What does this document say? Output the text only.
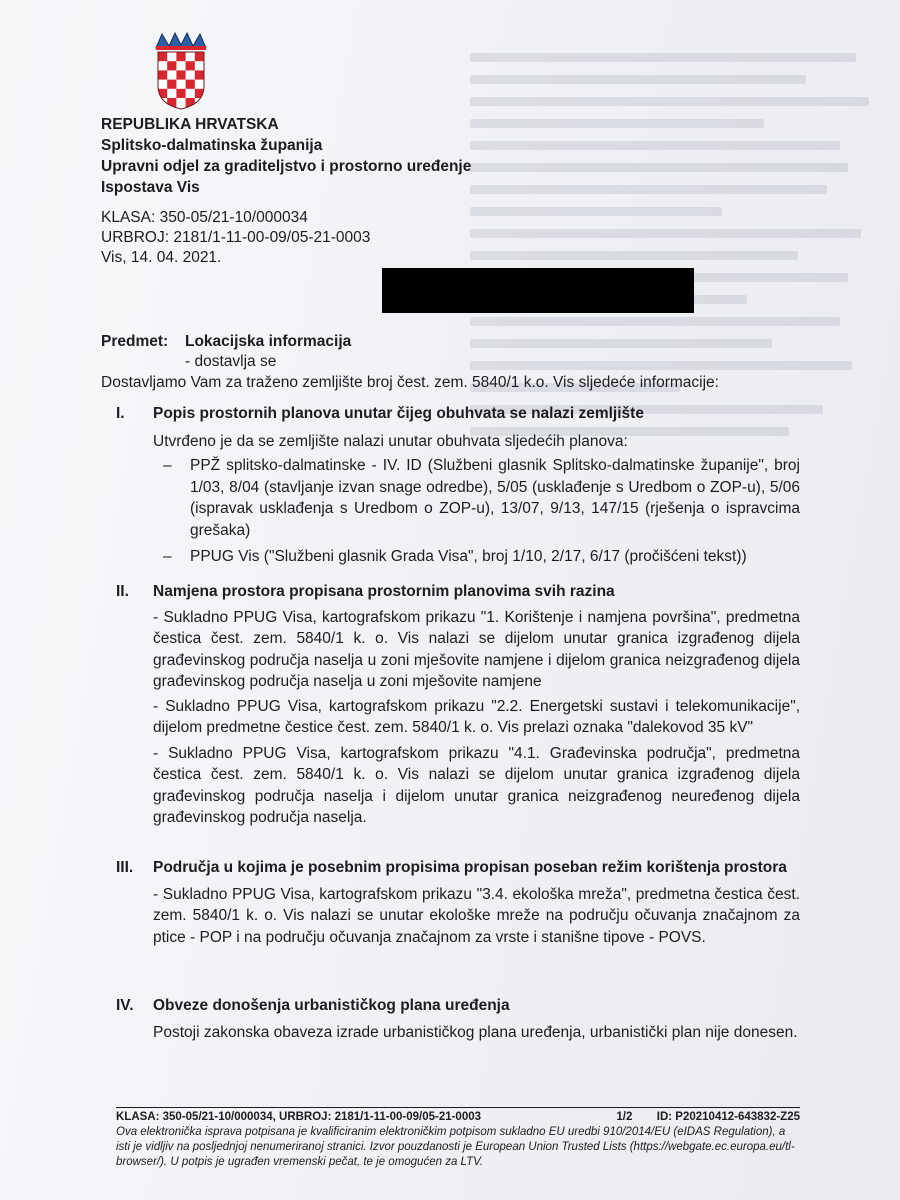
REPUBLIKA HRVATSKA
Splitsko-dalmatinska županija
Upravni odjel za graditeljstvo i prostorno uređenje
Ispostava Vis
KLASA: 350-05/21-10/000034
URBROJ: 2181/1-11-00-09/05-21-0003
Vis, 14. 04. 2021.
Predmet: Lokacijska informacija
- dostavlja se
Dostavljamo Vam za traženo zemljište broj čest. zem. 5840/1 k.o. Vis sljedeće informacije:
I.	Popis prostornih planova unutar čijeg obuhvata se nalazi zemljište

Utvrđeno je da se zemljište nalazi unutar obuhvata sljedećih planova:

–	PPŽ splitsko-dalmatinske - IV. ID (Službeni glasnik Splitsko-dalmatinske županije", broj 1/03, 8/04 (stavljanje izvan snage odredbe), 5/05 (usklađenje s Uredbom o ZOP-u), 5/06 (ispravak usklađenja s Uredbom o ZOP-u), 13/07, 9/13, 147/15 (rješenja o ispravcima grešaka)
–	PPUG Vis ("Službeni glasnik Grada Visa", broj 1/10, 2/17, 6/17 (pročišćeni tekst))
II.	Namjena prostora propisana prostornim planovima svih razina

- Sukladno PPUG Visa, kartografskom prikazu "1. Korištenje i namjena površina", predmetna čestica čest. zem. 5840/1 k. o. Vis nalazi se dijelom unutar granica izgrađenog dijela građevinskog područja naselja u zoni mješovite namjene i dijelom granica neizgrađenog dijela građevinskog područja naselja u zoni mješovite namjene

- Sukladno PPUG Visa, kartografskom prikazu "2.2. Energetski sustavi i telekomunikacije", dijelom predmetne čestice čest. zem. 5840/1 k. o. Vis prelazi oznaka "dalekovod 35 kV"

- Sukladno PPUG Visa, kartografskom prikazu "4.1. Građevinska područja", predmetna čestica čest. zem. 5840/1 k. o. Vis nalazi se dijelom unutar granica izgrađenog dijela građevinskog područja naselja i dijelom unutar granica neizgrađenog neuređenog dijela građevinskog područja naselja.

III.	Područja u kojima je posebnim propisima propisan poseban režim korištenja prostora

- Sukladno PPUG Visa, kartografskom prikazu "3.4. ekološka mreža", predmetna čestica čest. zem. 5840/1 k. o. Vis nalazi se unutar ekološke mreže na području očuvanja značajnom za ptice - POP i na području očuvanja značajnom za vrste i stanišne tipove - POVS.

IV.	Obveze donošenja urbanističkog plana uređenja

Postoji zakonska obaveza izrade urbanističkog plana uređenja, urbanistički plan nije donesen.

KLASA: 350-05/21-10/000034, URBROJ: 2181/1-11-00-09/05-21-0003	1/2 ID: P20210412-643832-Z25
Ova elektronička isprava potpisana je kvalificiranim elektroničkim potpisom sukladno EU uredbi 910/2014/EU (eIDAS Regulation), a isti je vidljiv na posljednjoj nenumeriranoj stranici. Izvor pouzdanosti je European Union Trusted Lists (https://webgate.ec.europa.eu/tl-browser/). U potpis je ugrađen vremenski pečat, te je omogućen za LTV.
